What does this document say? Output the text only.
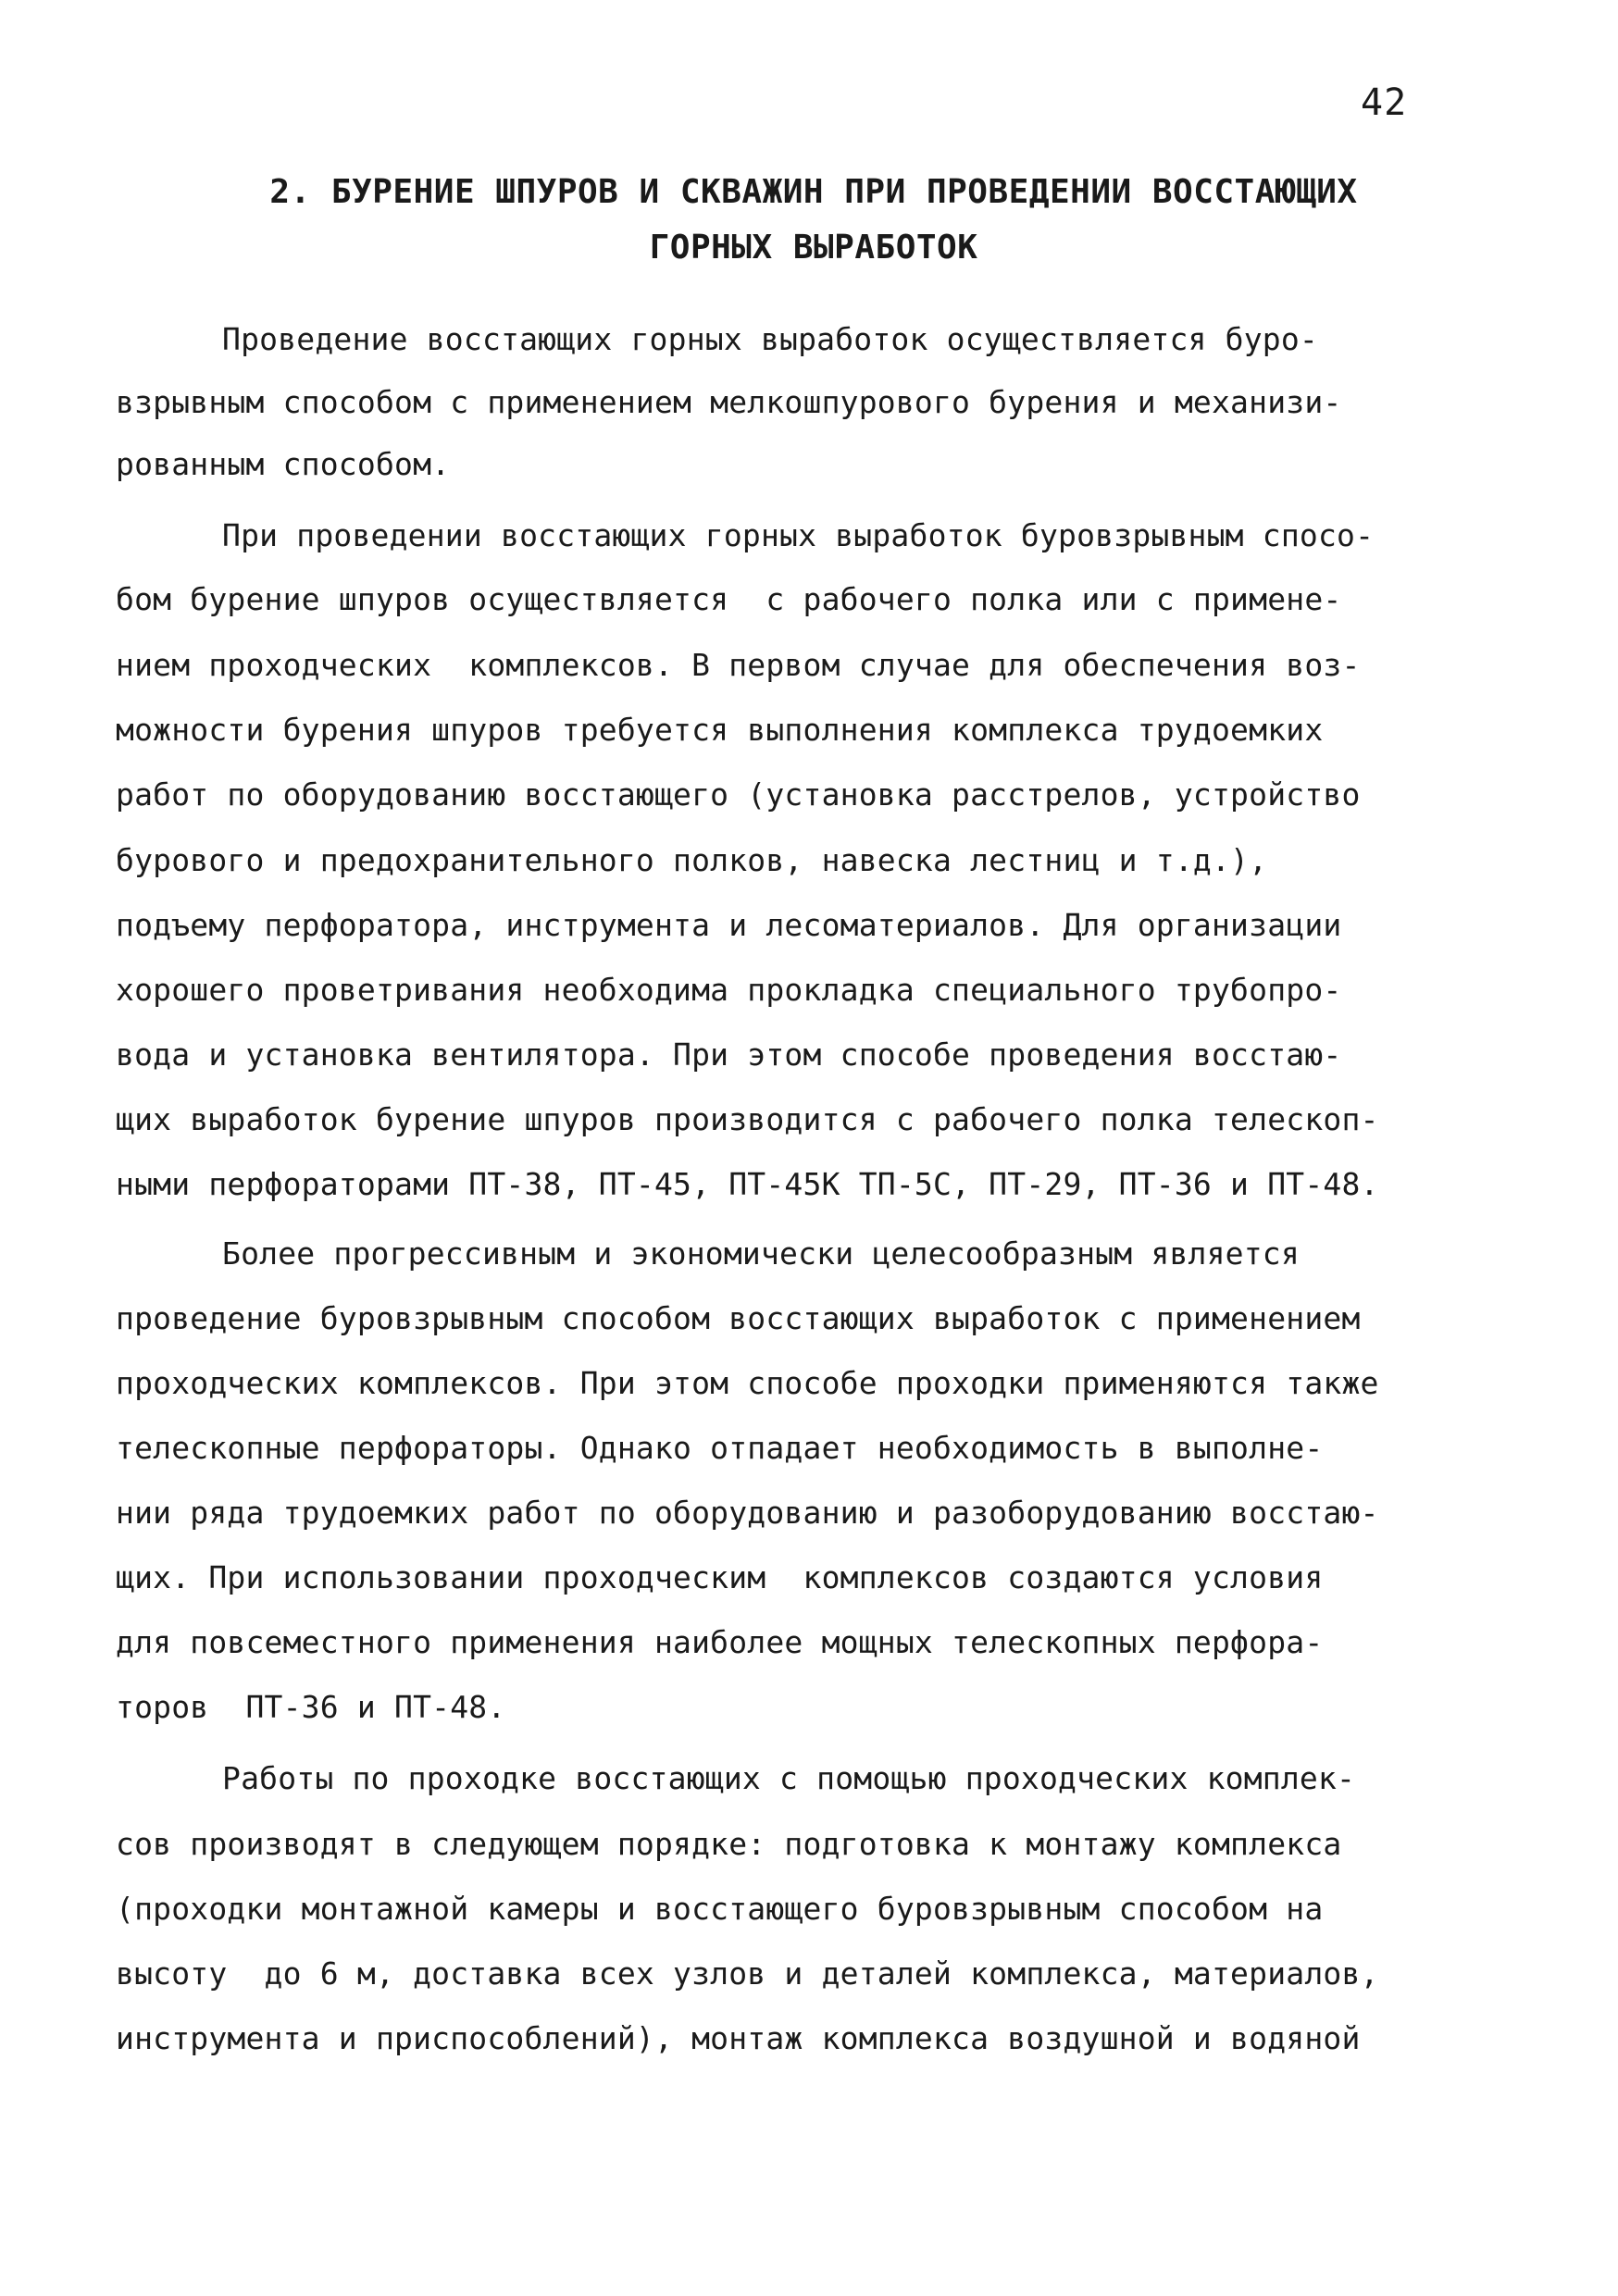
42
2. БУРЕНИЕ ШПУРОВ И СКВАЖИН ПРИ ПРОВЕДЕНИИ ВОССТАЮЩИХ
ГОРНЫХ ВЫРАБОТОК
Проведение восстающих горных выработок осуществляется буро-
взрывным способом с применением мелкошпурового бурения и механизи-
рованным способом.
При проведении восстающих горных выработок буровзрывным спосо-
бом бурение шпуров осуществляется  с рабочего полка или с примене-
нием проходческих  комплексов. В первом случае для обеспечения воз-
можности бурения шпуров требуется выполнения комплекса трудоемких
работ по оборудованию восстающего (установка расстрелов, устройство
бурового и предохранительного полков, навеска лестниц и т.д.),
подъему перфоратора, инструмента и лесоматериалов. Для организации
хорошего проветривания необходима прокладка специального трубопро-
вода и установка вентилятора. При этом способе проведения восстаю-
щих выработок бурение шпуров производится с рабочего полка телескоп-
ными перфораторами ПТ-38, ПТ-45, ПТ-45К ТП-5С, ПТ-29, ПТ-36 и ПТ-48.
Более прогрессивным и экономически целесообразным является
проведение буровзрывным способом восстающих выработок с применением
проходческих комплексов. При этом способе проходки применяются также
телескопные перфораторы. Однако отпадает необходимость в выполне-
нии ряда трудоемких работ по оборудованию и разоборудованию восстаю-
щих. При использовании проходческим  комплексов создаются условия
для повсеместного применения наиболее мощных телескопных перфора-
торов  ПТ-36 и ПТ-48.
Работы по проходке восстающих с помощью проходческих комплек-
сов производят в следующем порядке: подготовка к монтажу комплекса
(проходки монтажной камеры и восстающего буровзрывным способом на
высоту  до 6 м, доставка всех узлов и деталей комплекса, материалов,
инструмента и приспособлений), монтаж комплекса воздушной и водяной
